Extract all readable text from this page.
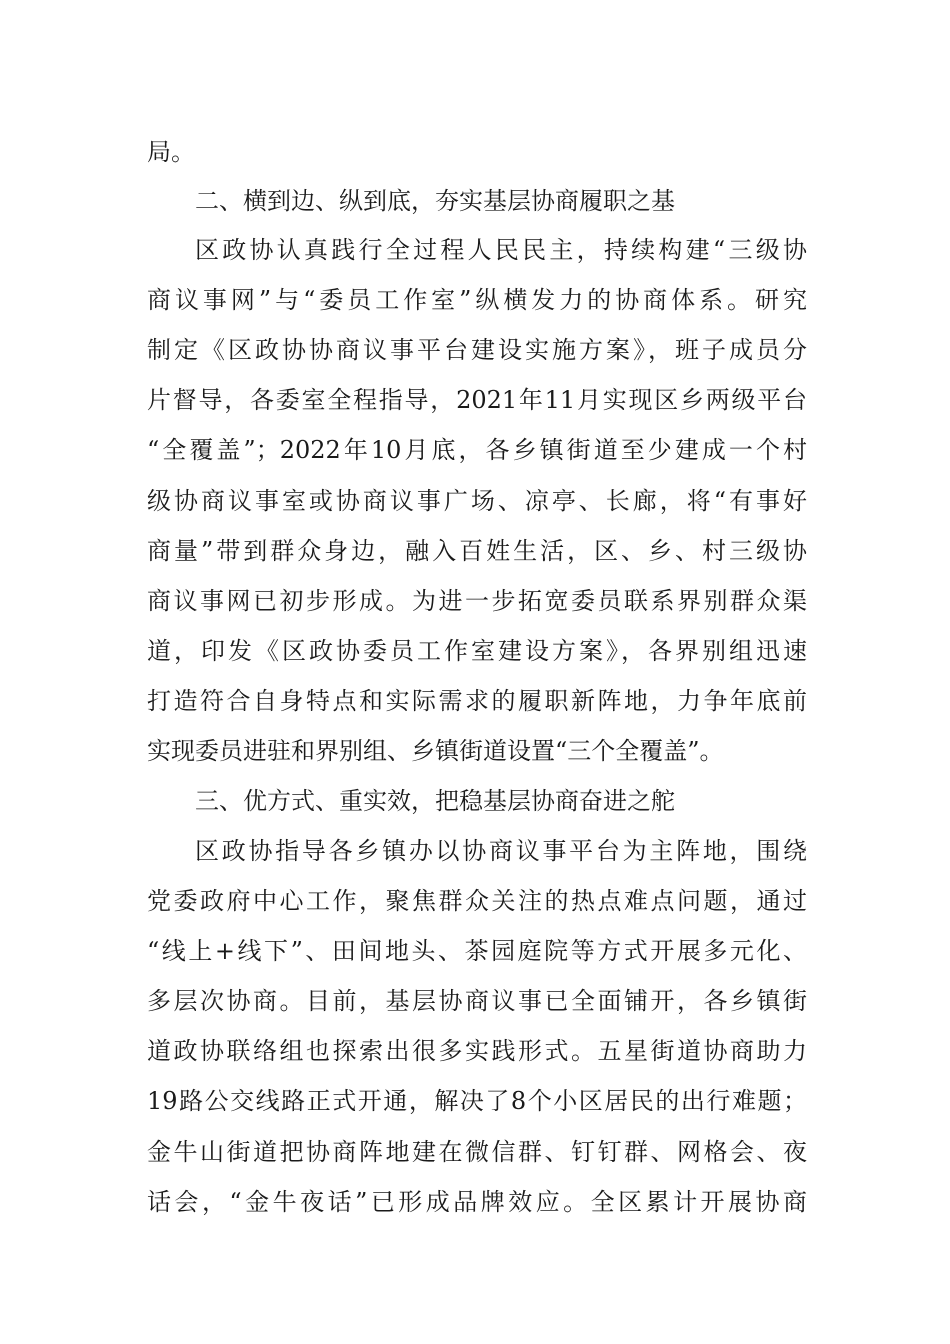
局。
二、横到边、纵到底，夯实基层协商履职之基
区政协认真践行全过程人民民主，持续构建“三级协
商议事网”与“委员工作室”纵横发力的协商体系。研究
制定《区政协协商议事平台建设实施方案》，班子成员分
片督导，各委室全程指导，2021年11月实现区乡两级平台
“全覆盖”；2022年10月底，各乡镇街道至少建成一个村
级协商议事室或协商议事广场、凉亭、长廊，将“有事好
商量”带到群众身边，融入百姓生活，区、乡、村三级协
商议事网已初步形成。为进一步拓宽委员联系界别群众渠
道，印发《区政协委员工作室建设方案》，各界别组迅速
打造符合自身特点和实际需求的履职新阵地，力争年底前
实现委员进驻和界别组、乡镇街道设置“三个全覆盖”。
三、优方式、重实效，把稳基层协商奋进之舵
区政协指导各乡镇办以协商议事平台为主阵地，围绕
党委政府中心工作，聚焦群众关注的热点难点问题，通过
“线上+线下”、田间地头、茶园庭院等方式开展多元化、
多层次协商。目前，基层协商议事已全面铺开，各乡镇街
道政协联络组也探索出很多实践形式。五星街道协商助力
19路公交线路正式开通，解决了8个小区居民的出行难题；
金牛山街道把协商阵地建在微信群、钉钉群、网格会、夜
话会，“金牛夜话”已形成品牌效应。全区累计开展协商
